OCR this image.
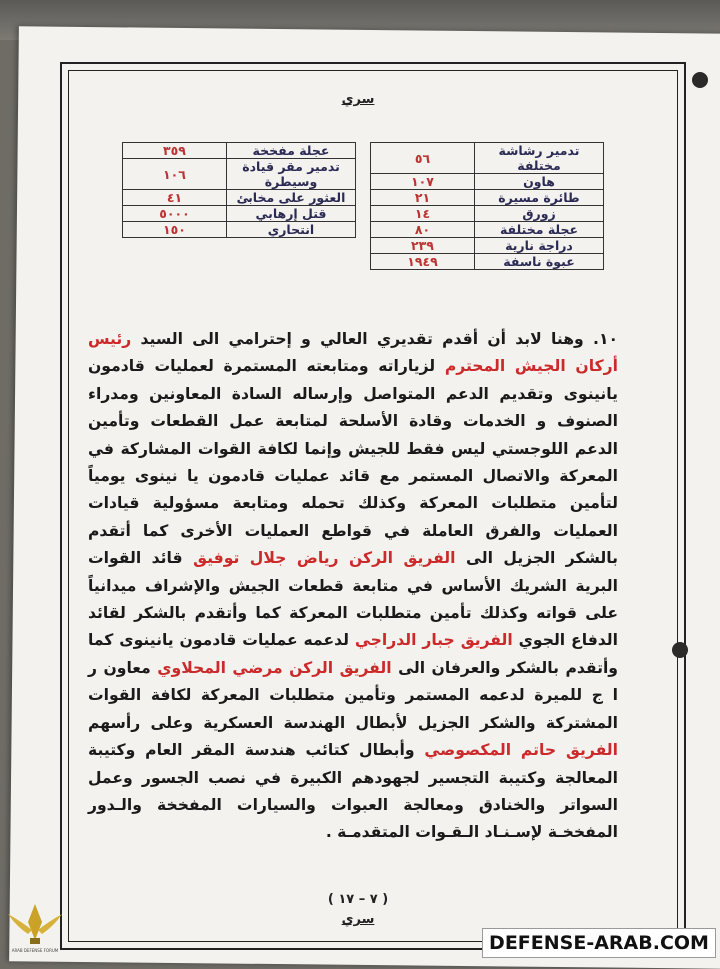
سري
عجلة مفخخة	٣٥٩
تدمير مقر قيادة وسيطرة	١٠٦
العثور على مخابئ	٤١
قتل إرهابي	٥٠٠٠
انتحاري	١٥٠
تدمير رشاشة مختلفة	٥٦
هاون	١٠٧
طائرة مسيرة	٢١
زورق	١٤
عجلة مختلفة	٨٠
دراجة نارية	٢٣٩
عبوة ناسفة	١٩٤٩
١٠. وهنا لابد أن أقدم تقديري العالي و إحترامي الى السيد رئيس أركان الجيش المحترم لزياراته ومتابعته المستمرة لعمليات قادمون يانينوى وتقديم الدعم المتواصل وإرساله السادة المعاونين ومدراء الصنوف و الخدمات وقادة الأسلحة لمتابعة عمل القطعات وتأمين الدعم اللوجستي ليس فقط للجيش وإنما لكافة القوات المشاركة في المعركة والاتصال المستمر مع قائد عمليات قادمون يا نينوى يومياً لتأمين متطلبات المعركة وكذلك تحمله ومتابعة مسؤولية قيادات العمليات والفرق العاملة في قواطع العمليات الأخرى كما أتقدم بالشكر الجزيل الى الفريق الركن رياض جلال توفيق قائد القوات البرية الشريك الأساس في متابعة قطعات الجيش والإشراف ميدانياً على قواته وكذلك تأمين متطلبات المعركة كما وأتقدم بالشكر لقائد الدفاع الجوي الفريق جبار الدراجي لدعمه عمليات قادمون يانينوى كما وأتقدم بالشكر والعرفان الى الفريق الركن مرضي المحلاوي معاون ر ا ج للميرة لدعمه المستمر وتأمين متطلبات المعركة لكافة القوات المشتركة والشكر الجزيل لأبطال الهندسة العسكرية وعلى رأسهم الفريق حاتم المكصوصي وأبطال كتائب هندسة المقر العام وكتيبة المعالجة وكتيبة التجسير لجهودهم الكبيرة في نصب الجسور وعمل السواتر والخنادق ومعالجة العبوات والسيارات المفخخة والـدور المفخخـة لإسـنـاد الـقـوات المتقدمـة .
( ٧ – ١٧ )
سري
ARAB DEFENSE FORUM	DEFENSE-ARAB.COM
